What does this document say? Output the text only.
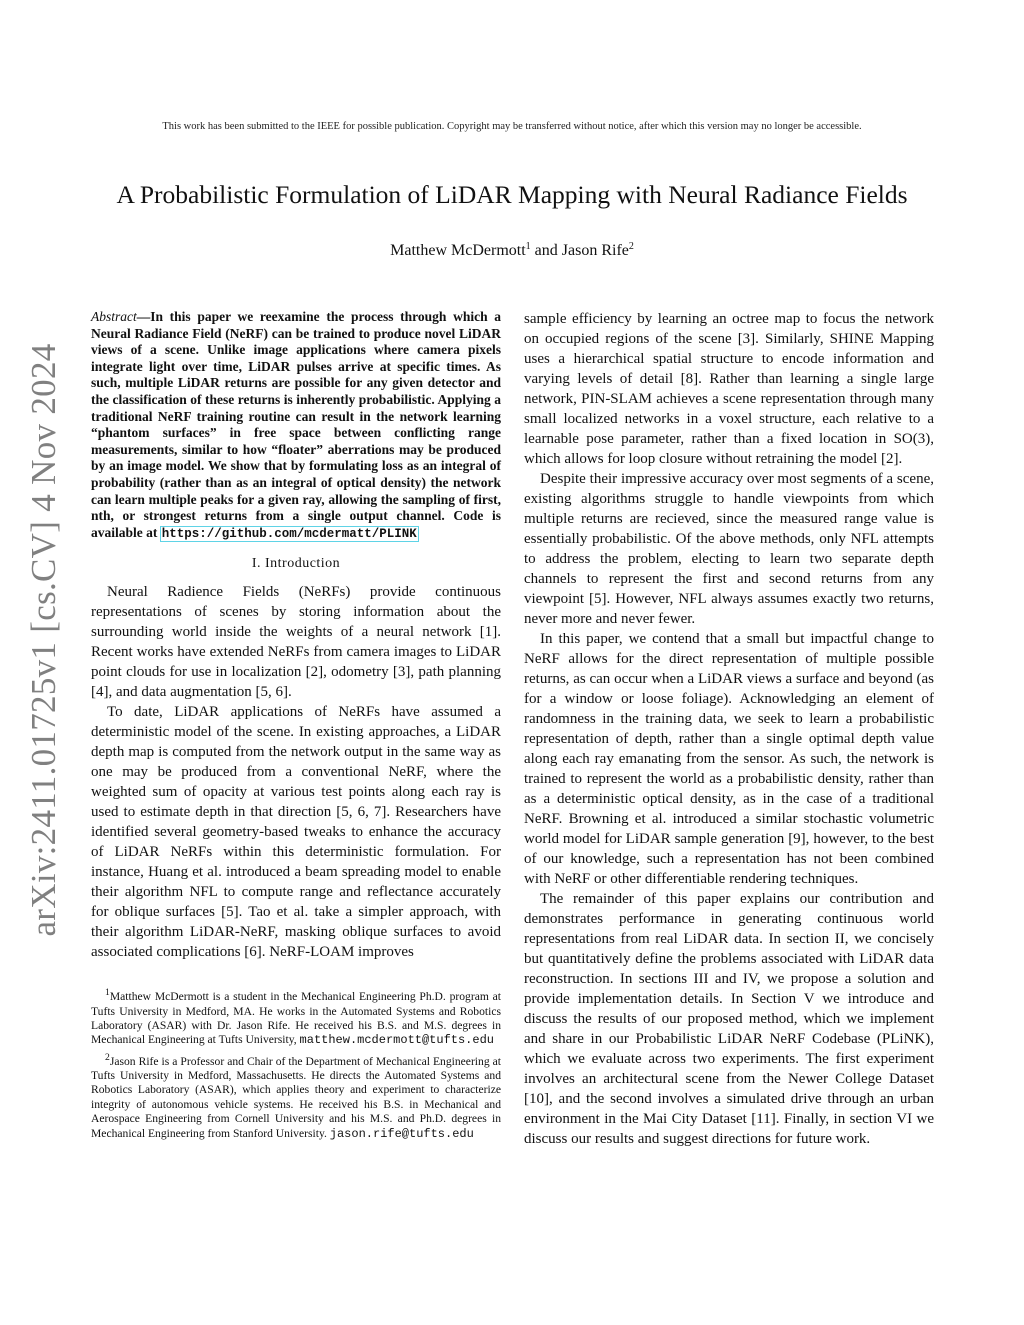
This work has been submitted to the IEEE for possible publication. Copyright may be transferred without notice, after which this version may no longer be accessible.
arXiv:2411.01725v1 [cs.CV] 4 Nov 2024
A Probabilistic Formulation of LiDAR Mapping with Neural Radiance Fields
Matthew McDermott$^1$ and Jason Rife$^2$

Abstract—In this paper we reexamine the process through which a Neural Radiance Field (NeRF) can be trained to produce novel LiDAR views of a scene. Unlike image applications where camera pixels integrate light over time, LiDAR pulses arrive at specific times. As such, multiple LiDAR returns are possible for any given detector and the classification of these returns is inherently probabilistic. Applying a traditional NeRF training routine can result in the network learning “phantom surfaces” in free space between conflicting range measurements, similar to how “floater” aberrations may be produced by an image model. We show that by formulating loss as an integral of probability (rather than as an integral of optical density) the network can learn multiple peaks for a given ray, allowing the sampling of first, nth, or strongest returns from a single output channel. Code is available at https://github.com/mcdermatt/PLINK

I. Introduction

Neural Radience Fields (NeRFs) provide continuous representations of scenes by storing information about the surrounding world inside the weights of a neural network [1]. Recent works have extended NeRFs from camera images to LiDAR point clouds for use in localization [2], odometry [3], path planning [4], and data augmentation [5, 6].

To date, LiDAR applications of NeRFs have assumed a deterministic model of the scene. In existing approaches, a LiDAR depth map is computed from the network output in the same way as one may be produced from a conventional NeRF, where the weighted sum of opacity at various test points along each ray is used to estimate depth in that direction [5, 6, 7]. Researchers have identified several geometry-based tweaks to enhance the accuracy of LiDAR NeRFs within this deterministic formulation. For instance, Huang et al. introduced a beam spreading model to enable their algorithm NFL to compute range and reflectance accurately for oblique surfaces [5]. Tao et al. take a simpler approach, with their algorithm LiDAR-NeRF, masking oblique surfaces to avoid associated complications [6]. NeRF-LOAM improves

$^1$Matthew McDermott is a student in the Mechanical Engineering Ph.D. program at Tufts University in Medford, MA. He works in the Automated Systems and Robotics Laboratory (ASAR) with Dr. Jason Rife. He received his B.S. and M.S. degrees in Mechanical Engineering at Tufts University, matthew.mcdermott@tufts.edu

$^2$Jason Rife is a Professor and Chair of the Department of Mechanical Engineering at Tufts University in Medford, Massachusetts. He directs the Automated Systems and Robotics Laboratory (ASAR), which applies theory and experiment to characterize integrity of autonomous vehicle systems. He received his B.S. in Mechanical and Aerospace Engineering from Cornell University and his M.S. and Ph.D. degrees in Mechanical Engineering from Stanford University. jason.rife@tufts.edu

sample efficiency by learning an octree map to focus the network on occupied regions of the scene [3]. Similarly, SHINE Mapping uses a hierarchical spatial structure to encode information and varying levels of detail [8]. Rather than learning a single large network, PIN-SLAM achieves a scene representation through many small localized networks in a voxel structure, each relative to a learnable pose parameter, rather than a fixed location in SO(3), which allows for loop closure without retraining the model [2].

Despite their impressive accuracy over most segments of a scene, existing algorithms struggle to handle viewpoints from which multiple returns are recieved, since the measured range value is essentially probabilistic. Of the above methods, only NFL attempts to address the problem, electing to learn two separate depth channels to represent the first and second returns from any viewpoint [5]. However, NFL always assumes exactly two returns, never more and never fewer.

In this paper, we contend that a small but impactful change to NeRF allows for the direct representation of multiple possible returns, as can occur when a LiDAR views a surface and beyond (as for a window or loose foliage). Acknowledging an element of randomness in the training data, we seek to learn a probabilistic representation of depth, rather than a single optimal depth value along each ray emanating from the sensor. As such, the network is trained to represent the world as a probabilistic density, rather than as a deterministic optical density, as in the case of a traditional NeRF. Browning et al. introduced a similar stochastic volumetric world model for LiDAR sample generation [9], however, to the best of our knowledge, such a representation has not been combined with NeRF or other differentiable rendering techniques.

The remainder of this paper explains our contribution and demonstrates performance in generating continuous world representations from real LiDAR data. In section II, we concisely but quantitatively define the problems associated with LiDAR data reconstruction. In sections III and IV, we propose a solution and provide implementation details. In Section V we introduce and discuss the results of our proposed method, which we implement and share in our Probabilistic LiDAR NeRF Codebase (PLiNK), which we evaluate across two experiments. The first experiment involves an architectural scene from the Newer College Dataset [10], and the second involves a simulated drive through an urban environment in the Mai City Dataset [11]. Finally, in section VI we discuss our results and suggest directions for future work.
